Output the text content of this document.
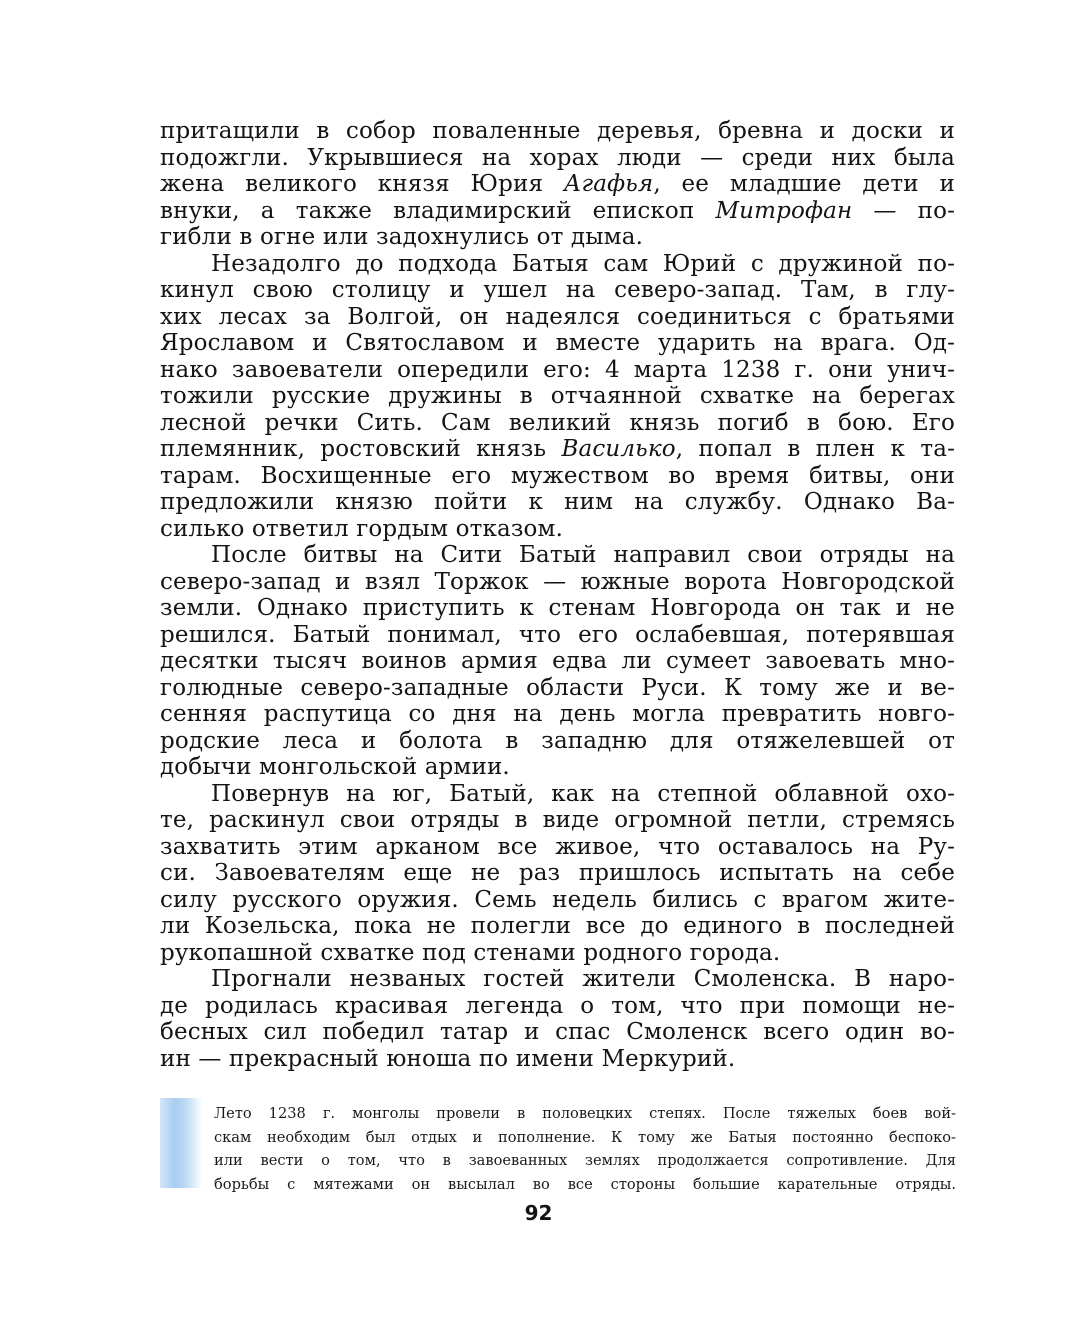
притащили в собор поваленные деревья, бревна и доски и
подожгли. Укрывшиеся на хорах люди — среди них была
жена великого князя Юрия Агафья, ее младшие дети и
внуки, а также владимирский епископ Митрофан — по-
гибли в огне или задохнулись от дыма.
Незадолго до подхода Батыя сам Юрий с дружиной по-
кинул свою столицу и ушел на северо-запад. Там, в глу-
хих лесах за Волгой, он надеялся соединиться с братьями
Ярославом и Святославом и вместе ударить на врага. Од-
нако завоеватели опередили его: 4 марта 1238 г. они унич-
тожили русские дружины в отчаянной схватке на берегах
лесной речки Сить. Сам великий князь погиб в бою. Его
племянник, ростовский князь Василько, попал в плен к та-
тарам. Восхищенные его мужеством во время битвы, они
предложили князю пойти к ним на службу. Однако Ва-
силько ответил гордым отказом.
После битвы на Сити Батый направил свои отряды на
северо-запад и взял Торжок — южные ворота Новгородской
земли. Однако приступить к стенам Новгорода он так и не
решился. Батый понимал, что его ослабевшая, потерявшая
десятки тысяч воинов армия едва ли сумеет завоевать мно-
голюдные северо-западные области Руси. К тому же и ве-
сенняя распутица со дня на день могла превратить новго-
родские леса и болота в западню для отяжелевшей от
добычи монгольской армии.
Повернув на юг, Батый, как на степной облавной охо-
те, раскинул свои отряды в виде огромной петли, стремясь
захватить этим арканом все живое, что оставалось на Ру-
си. Завоевателям еще не раз пришлось испытать на себе
силу русского оружия. Семь недель бились с врагом жите-
ли Козельска, пока не полегли все до единого в последней
рукопашной схватке под стенами родного города.
Прогнали незваных гостей жители Смоленска. В наро-
де родилась красивая легенда о том, что при помощи не-
бесных сил победил татар и спас Смоленск всего один во-
ин — прекрасный юноша по имени Меркурий.
Лето 1238 г. монголы провели в половецких степях. После тяжелых боев вой-
скам необходим был отдых и пополнение. К тому же Батыя постоянно беспоко-
или вести о том, что в завоеванных землях продолжается сопротивление. Для
борьбы с мятежами он высылал во все стороны большие карательные отряды.
92
